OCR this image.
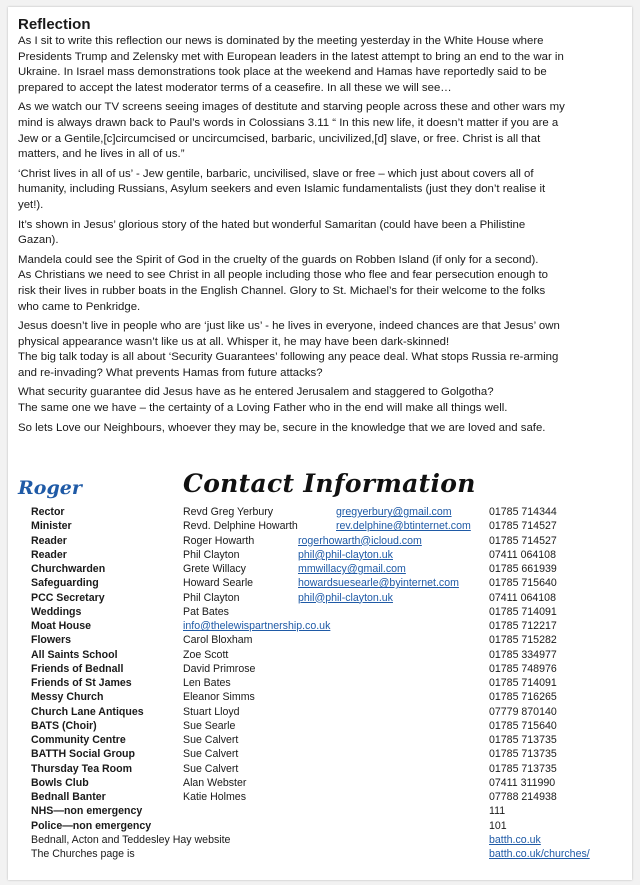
Reflection

As I sit to write this reflection our news is dominated by the meeting yesterday in the White House where
Presidents Trump and Zelensky met with European leaders in the latest attempt to bring an end to the war in
Ukraine. In Israel mass demonstrations took place at the weekend and Hamas have reportedly said to be
prepared to accept the latest moderator terms of a ceasefire. In all these we will see…

As we watch our TV screens seeing images of destitute and starving people across these and other wars my
mind is always drawn back to Paul’s words in Colossians 3.11 “ In this new life, it doesn’t matter if you are a
Jew or a Gentile,[c]circumcised or uncircumcised, barbaric, uncivilized,[d] slave, or free. Christ is all that
matters, and he lives in all of us.”

‘Christ lives in all of us’ - Jew gentile, barbaric, uncivilised, slave or free – which just about covers all of
humanity, including Russians, Asylum seekers and even Islamic fundamentalists (just they don’t realise it
yet!).

It’s shown in Jesus’ glorious story of the hated but wonderful Samaritan (could have been a Philistine
Gazan).

Mandela could see the Spirit of God in the cruelty of the guards on Robben Island (if only for a second).
As Christians we need to see Christ in all people including those who flee and fear persecution enough to
risk their lives in rubber boats in the English Channel. Glory to St. Michael’s for their welcome to the folks
who came to Penkridge.

Jesus doesn’t live in people who are ‘just like us’ - he lives in everyone, indeed chances are that Jesus’ own
physical appearance wasn’t like us at all. Whisper it, he may have been dark-skinned!
The big talk today is all about ‘Security Guarantees’ following any peace deal. What stops Russia re-arming
and re-invading? What prevents Hamas from future attacks?

What security guarantee did Jesus have as he entered Jerusalem and staggered to Golgotha?
The same one we have – the certainty of a Loving Father who in the end will make all things well.

So lets Love our Neighbours, whoever they may be, secure in the knowledge that we are loved and safe.

Roger	Contact Information
Rector	Revd Greg Yerbury	gregyerbury@gmail.com	01785 714344
Minister	Revd. Delphine Howarth	rev.delphine@btinternet.com 01785 714527
Reader	Roger Howarth	rogerhowarth@icloud.com	01785 714527
Reader	Phil Clayton	phil@phil-clayton.uk	07411 064108
Churchwarden	Grete Willacy	mmwillacy@gmail.com	01785 661939
Safeguarding	Howard Searle	howardsuesearle@byinternet.com	01785 715640
PCC Secretary	Phil Clayton	phil@phil-clayton.uk	07411 064108
Weddings	Pat Bates	01785 714091
Moat House	info@thelewispartnership.co.uk	01785 712217
Flowers	Carol Bloxham	01785 715282
All Saints School	Zoe Scott	01785 334977
Friends of Bednall	David Primrose	01785 748976
Friends of St James	Len Bates	01785 714091
Messy Church	Eleanor Simms	01785 716265
Church Lane Antiques	Stuart Lloyd	07779 870140
BATS (Choir)	Sue Searle	01785 715640
Community Centre	Sue Calvert	01785 713735
BATTH Social Group	Sue Calvert	01785 713735
Thursday Tea Room	Sue Calvert	01785 713735
Bowls Club	Alan Webster	07411 311990
Bednall Banter	Katie Holmes	07788 214938
NHS—non emergency	111
Police—non emergency	101
Bednall, Acton and Teddesley Hay website	batth.co.uk
The Churches page is	batth.co.uk/churches/
